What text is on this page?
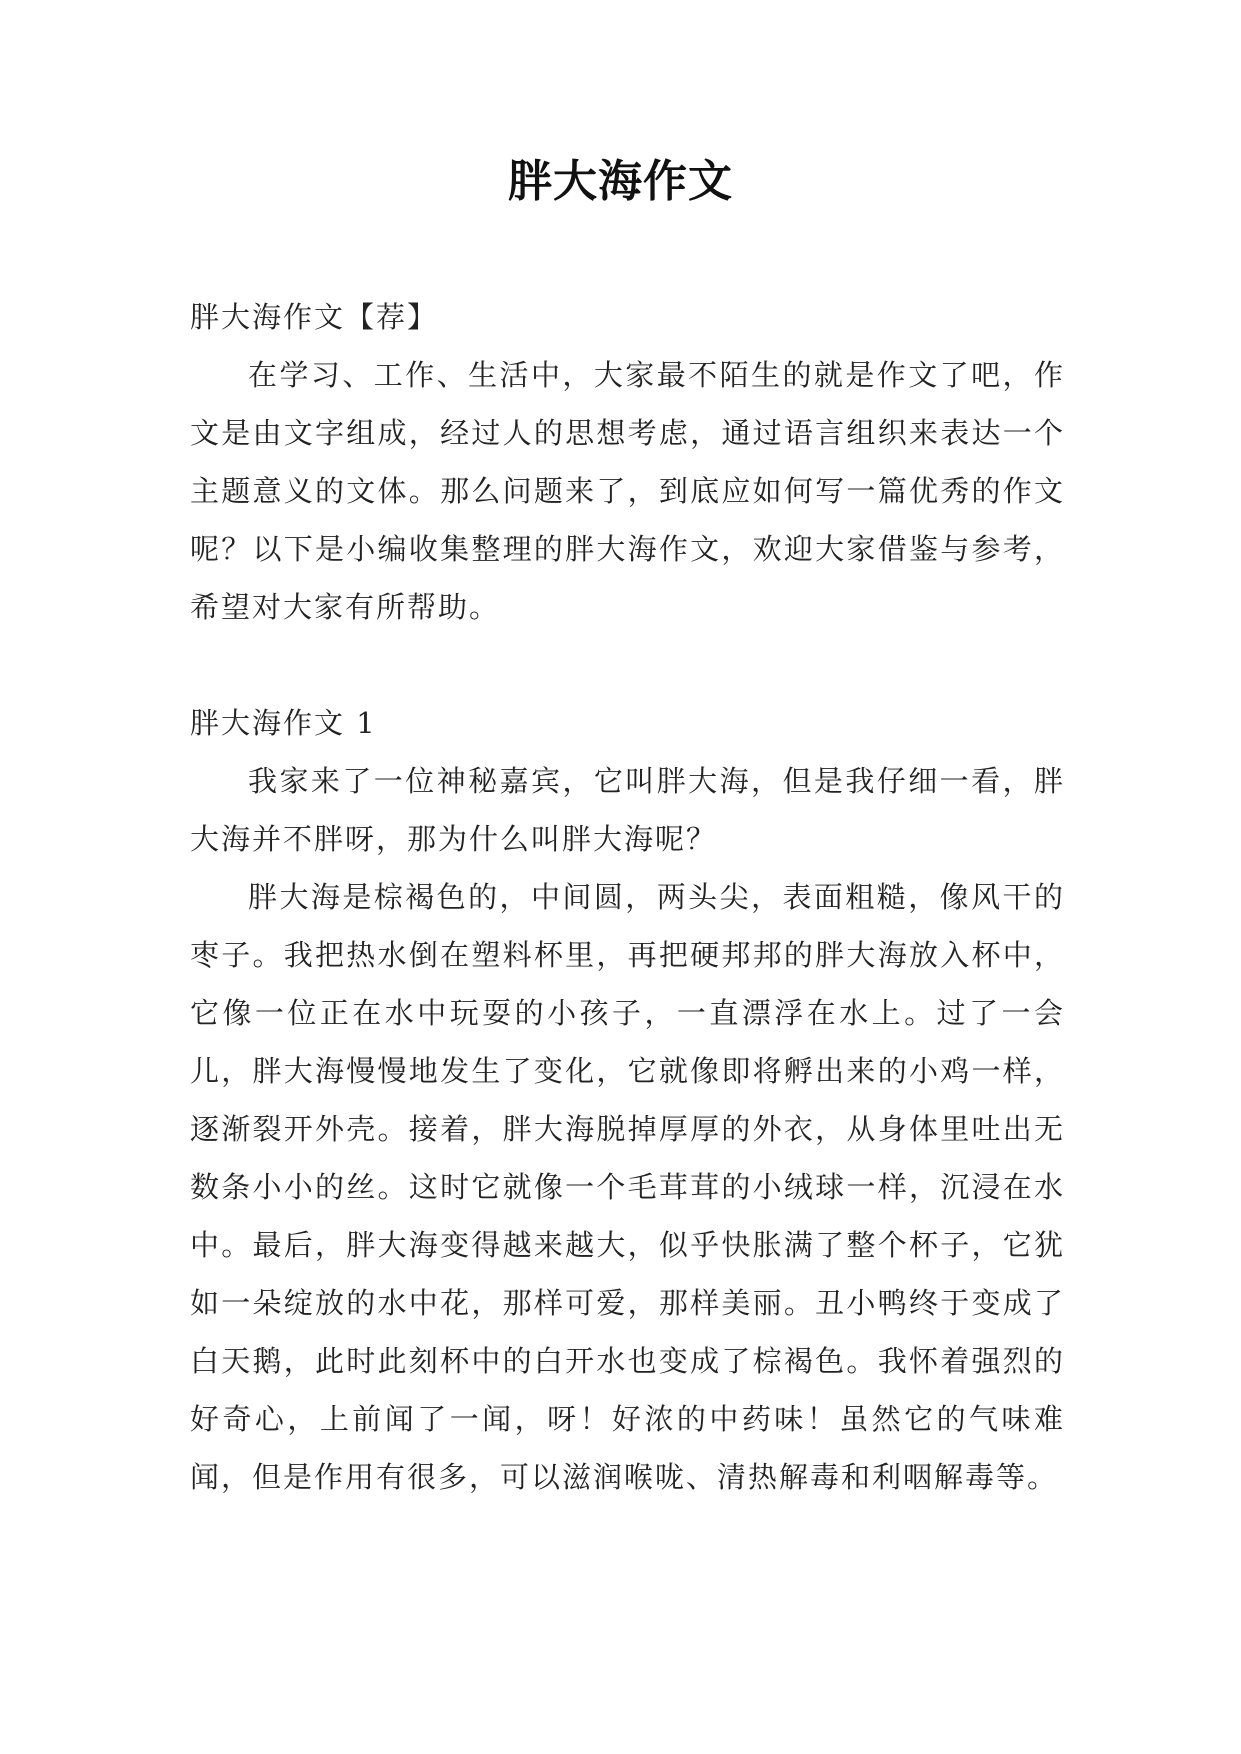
胖大海作文

胖大海作文【荐】

在学习、工作、生活中，大家最不陌生的就是作文了吧，作文是由文字组成，经过人的思想考虑，通过语言组织来表达一个主题意义的文体。那么问题来了，到底应如何写一篇优秀的作文呢？以下是小编收集整理的胖大海作文，欢迎大家借鉴与参考，希望对大家有所帮助。

胖大海作文 1

我家来了一位神秘嘉宾，它叫胖大海，但是我仔细一看，胖大海并不胖呀，那为什么叫胖大海呢？

胖大海是棕褐色的，中间圆，两头尖，表面粗糙，像风干的枣子。我把热水倒在塑料杯里，再把硬邦邦的胖大海放入杯中，它像一位正在水中玩耍的小孩子，一直漂浮在水上。过了一会儿，胖大海慢慢地发生了变化，它就像即将孵出来的小鸡一样，逐渐裂开外壳。接着，胖大海脱掉厚厚的外衣，从身体里吐出无数条小小的丝。这时它就像一个毛茸茸的小绒球一样，沉浸在水中。最后，胖大海变得越来越大，似乎快胀满了整个杯子，它犹如一朵绽放的水中花，那样可爱，那样美丽。丑小鸭终于变成了白天鹅，此时此刻杯中的白开水也变成了棕褐色。我怀着强烈的好奇心，上前闻了一闻，呀！好浓的中药味！虽然它的气味难闻，但是作用有很多，可以滋润喉咙、清热解毒和利咽解毒等。
